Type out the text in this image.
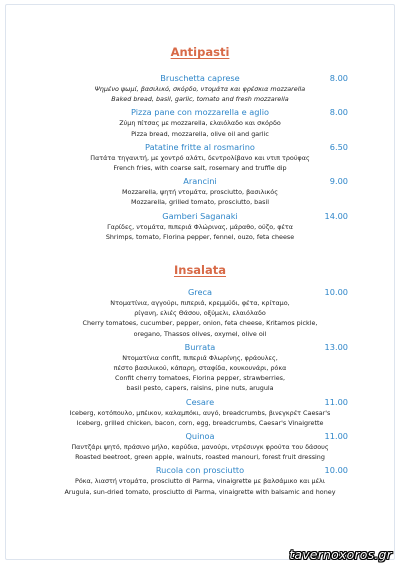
Antipasti
Bruschetta caprese	8.00
Ψημένο ψωμί, βασιλικό, σκόρδο, ντομάτα και φρέσκια mozzarella
Baked bread, basil, garlic, tomato and fresh mozzarella
Pizza pane con mozzarella e aglio	8.00
Ζύμη πίτσας με mozzarella, ελαιόλαδο και σκόρδο
Pizza bread, mozzarella, olive oil and garlic
Patatine fritte al rosmarino	6.50
Πατάτα τηγανιτή, με χοντρό αλάτι, δεντρολίβανο και ντιπ τρούφας
French fries, with coarse salt, rosemary and truffle dip
Arancini	9.00
Mozzarella, ψητή ντομάτα, prosciutto, βασιλικός
Mozzarella, grilled tomato, prosciutto, basil
Gamberi Saganaki	14.00
Γαρίδες, ντομάτα, πιπεριά Φλώρινας, μάραθο, ούζο, φέτα
Shrimps, tomato, Florina pepper, fennel, ouzo, feta cheese
Insalata
Greca	10.00
Ντοματίνια, αγγούρι, πιπεριά, κρεμμύδι, φέτα, κρίταμο,
ρίγανη, ελιές Θάσου, οξύμελι, ελαιόλαδο
Cherry tomatoes, cucumber, pepper, onion, feta cheese, Kritamos pickle,
oregano, Thassos olives, oxymel, olive oil
Burrata	13.00
Ντοματίνια confit, πιπεριά Φλωρίνης, φράουλες,
πέστο βασιλικού, κάπαρη, σταφίδα, κουκουνάρι, ρόκα
Confit cherry tomatoes, Florina pepper, strawberries,
basil pesto, capers, raisins, pine nuts, arugula
Cesare	11.00
Iceberg, κοτόπουλο, μπέικον, καλαμπόκι, αυγό, breadcrumbs, βινεγκρέτ Caesar's
Iceberg, grilled chicken, bacon, corn, egg, breadcrumbs, Caesar's Vinaigrette
Quinoa	11.00
Παντζάρι ψητό, πράσινο μήλο, καρύδια, μανούρι, ντρέσινγκ φρούτα του δάσους
Roasted beetroot, green apple, walnuts, roasted manouri, forest fruit dressing
Rucola con prosciutto	10.00
Ρόκα, λιαστή ντομάτα, prosciutto di Parma, vinaigrette με βαλσάμικο και μέλι
Arugula, sun-dried tomato, prosciutto di Parma, vinaigrette with balsamic and honey
tavernoxoros.gr
